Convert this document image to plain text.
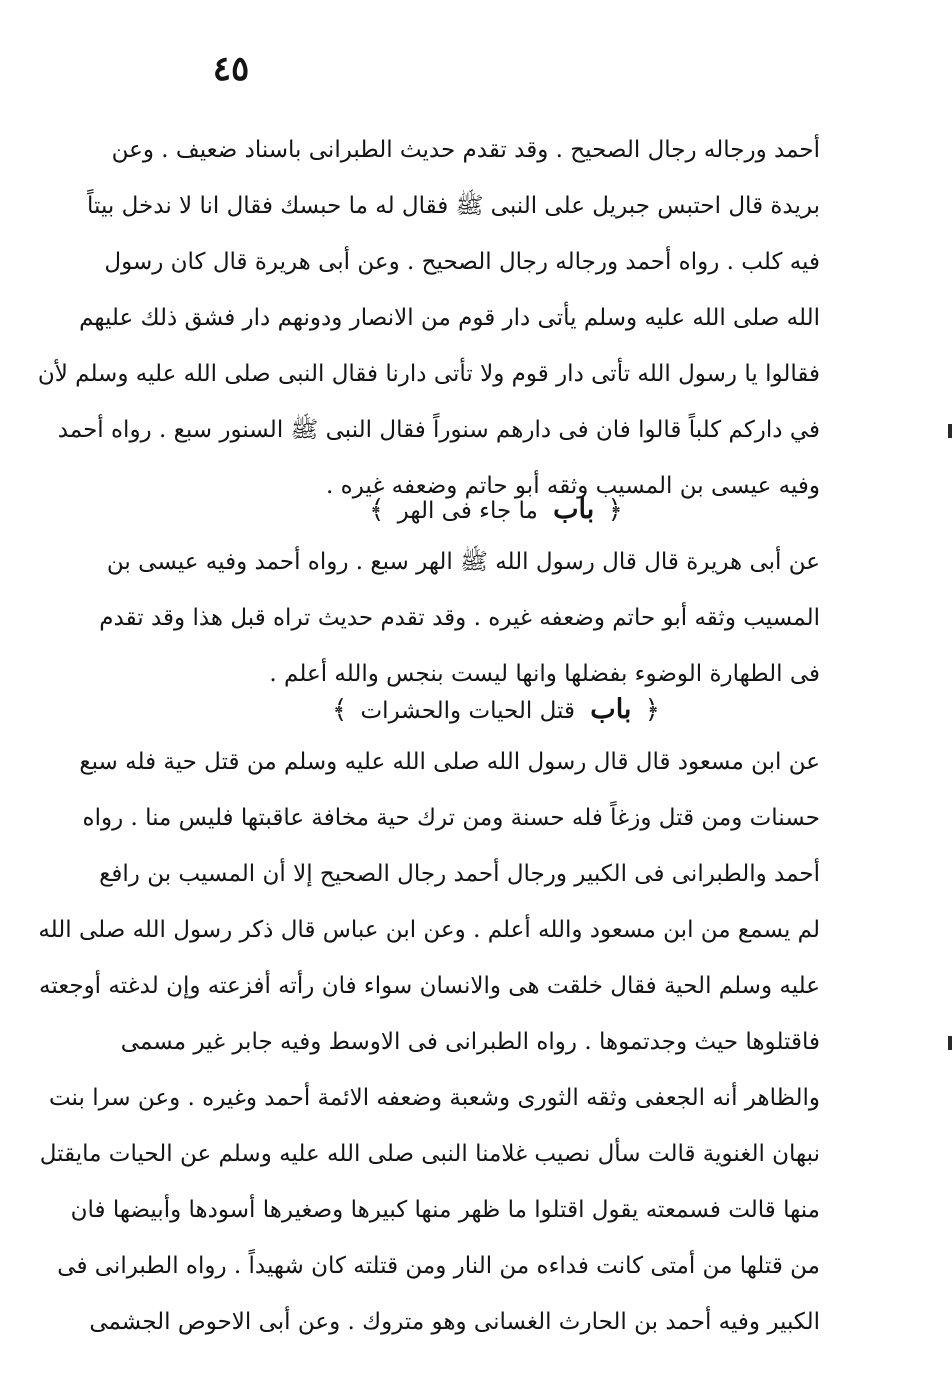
٤٥
أحمد ورجاله رجال الصحيح . وقد تقدم حديث الطبرانى باسناد ضعيف . وعن
بريدة قال احتبس جبريل على النبى ﷺ فقال له ما حبسك فقال انا لا ندخل بيتاً
فيه كلب . رواه أحمد ورجاله رجال الصحيح . وعن أبى هريرة قال كان رسول
الله صلى الله عليه وسلم يأتى دار قوم من الانصار ودونهم دار فشق ذلك عليهم
فقالوا يا رسول الله تأتى دار قوم ولا تأتى دارنا فقال النبى صلى الله عليه وسلم لأن
في داركم كلباً قالوا فان فى دارهم سنوراً فقال النبى ﷺ السنور سبع . رواه أحمد
وفيه عيسى بن المسيب وثقه أبو حاتم وضعفه غيره .
﴿ باب ما جاء فى الهر ﴾
عن أبى هريرة قال قال رسول الله ﷺ الهر سبع . رواه أحمد وفيه عيسى بن
المسيب وثقه أبو حاتم وضعفه غيره . وقد تقدم حديث تراه قبل هذا وقد تقدم
فى الطهارة الوضوء بفضلها وانها ليست بنجس والله أعلم .
﴿ باب قتل الحيات والحشرات ﴾
عن ابن مسعود قال قال رسول الله صلى الله عليه وسلم من قتل حية فله سبع
حسنات ومن قتل وزغاً فله حسنة ومن ترك حية مخافة عاقبتها فليس منا . رواه
أحمد والطبرانى فى الكبير ورجال أحمد رجال الصحيح إلا أن المسيب بن رافع
لم يسمع من ابن مسعود والله أعلم . وعن ابن عباس قال ذكر رسول الله صلى الله
عليه وسلم الحية فقال خلقت هى والانسان سواء فان رأته أفزعته وإن لدغته أوجعته
فاقتلوها حيث وجدتموها . رواه الطبرانى فى الاوسط وفيه جابر غير مسمى
والظاهر أنه الجعفى وثقه الثورى وشعبة وضعفه الائمة أحمد وغيره . وعن سرا بنت
نبهان الغنوية قالت سأل نصيب غلامنا النبى صلى الله عليه وسلم عن الحيات مايقتل
منها قالت فسمعته يقول اقتلوا ما ظهر منها كبيرها وصغيرها أسودها وأبيضها فان
من قتلها من أمتى كانت فداءه من النار ومن قتلته كان شهيداً . رواه الطبرانى فى
الكبير وفيه أحمد بن الحارث الغسانى وهو متروك . وعن أبى الاحوص الجشمى
